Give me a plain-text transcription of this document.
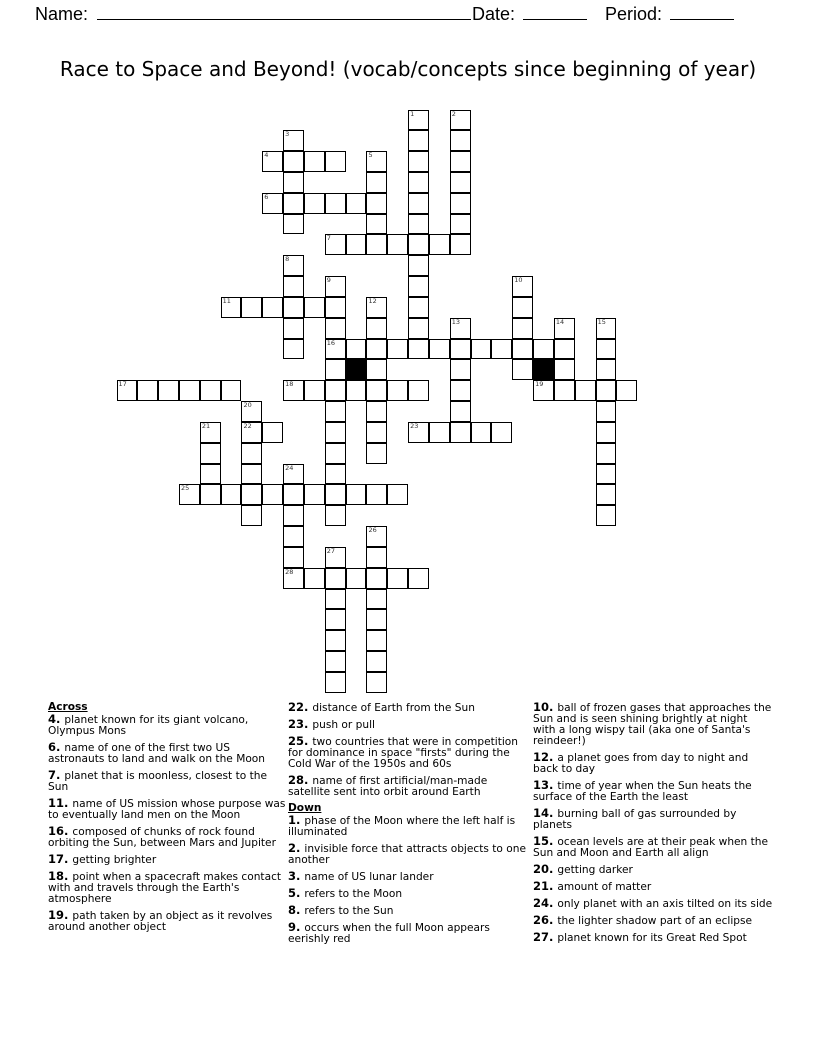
Name:	Date:	Period:
Race to Space and Beyond! (vocab/concepts since beginning of year)
4
6
7
11
16
17	18	19
22	23
25
28
1	2
3
5
8
9	10
12
13	14	15
20
21
24
26
27
Across
4. planet known for its giant volcano, Olympus Mons
6. name of one of the first two US astronauts to land and walk on the Moon
7. planet that is moonless, closest to the Sun
11. name of US mission whose purpose was to eventually land men on the Moon
16. composed of chunks of rock found orbiting the Sun, between Mars and Jupiter
17. getting brighter
18. point when a spacecraft makes contact with and travels through the Earth's atmosphere
19. path taken by an object as it revolves around another object
22. distance of Earth from the Sun
23. push or pull
25. two countries that were in competition for dominance in space "firsts" during the Cold War of the 1950s and 60s
28. name of first artificial/man-made satellite sent into orbit around Earth
Down
1. phase of the Moon where the left half is illuminated
2. invisible force that attracts objects to one another
3. name of US lunar lander
5. refers to the Moon
8. refers to the Sun
9. occurs when the full Moon appears eerishly red
10. ball of frozen gases that approaches the Sun and is seen shining brightly at night with a long wispy tail (aka one of Santa's reindeer!)
12. a planet goes from day to night and back to day
13. time of year when the Sun heats the surface of the Earth the least
14. burning ball of gas surrounded by planets
15. ocean levels are at their peak when the Sun and Moon and Earth all align
20. getting darker
21. amount of matter
24. only planet with an axis tilted on its side
26. the lighter shadow part of an eclipse
27. planet known for its Great Red Spot
